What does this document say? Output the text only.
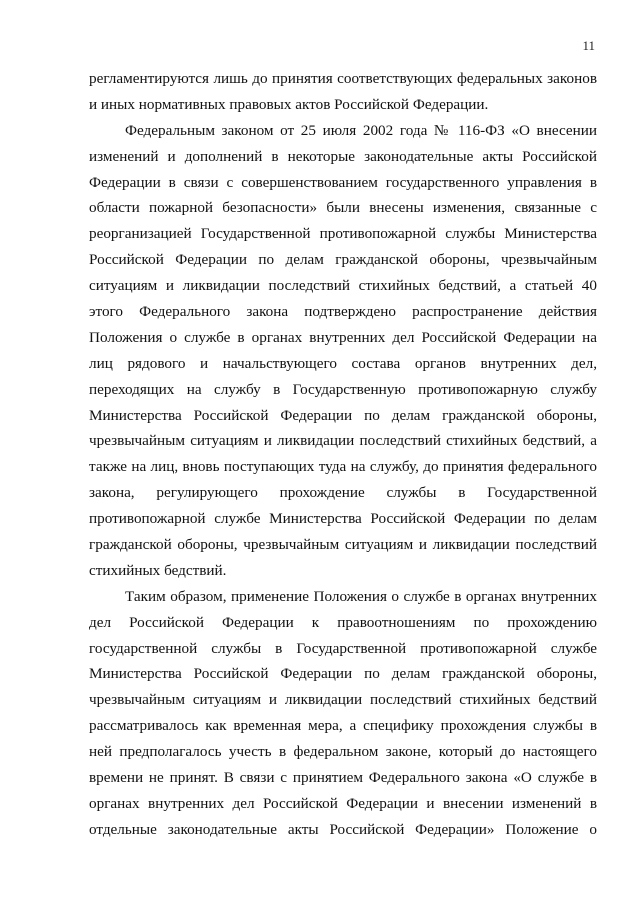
11
регламентируются лишь до принятия соответствующих федеральных законов
и иных нормативных правовых актов Российской Федерации.
Федеральным законом от 25 июля 2002 года № 116-ФЗ «О внесении
изменений и дополнений в некоторые законодательные акты Российской
Федерации в связи с совершенствованием государственного управления в
области пожарной безопасности» были внесены изменения, связанные с
реорганизацией Государственной противопожарной службы Министерства
Российской Федерации по делам гражданской обороны, чрезвычайным
ситуациям и ликвидации последствий стихийных бедствий, а статьей 40
этого Федерального закона подтверждено распространение действия
Положения о службе в органах внутренних дел Российской Федерации на
лиц рядового и начальствующего состава органов внутренних дел,
переходящих на службу в Государственную противопожарную службу
Министерства Российской Федерации по делам гражданской обороны,
чрезвычайным ситуациям и ликвидации последствий стихийных бедствий, а
также на лиц, вновь поступающих туда на службу, до принятия федерального
закона, регулирующего прохождение службы в Государственной
противопожарной службе Министерства Российской Федерации по делам
гражданской обороны, чрезвычайным ситуациям и ликвидации последствий
стихийных бедствий.
Таким образом, применение Положения о службе в органах внутренних
дел Российской Федерации к правоотношениям по прохождению
государственной службы в Государственной противопожарной службе
Министерства Российской Федерации по делам гражданской обороны,
чрезвычайным ситуациям и ликвидации последствий стихийных бедствий
рассматривалось как временная мера, а специфику прохождения службы в
ней предполагалось учесть в федеральном законе, который до настоящего
времени не принят. В связи с принятием Федерального закона «О службе в
органах внутренних дел Российской Федерации и внесении изменений в
отдельные законодательные акты Российской Федерации» Положение о
